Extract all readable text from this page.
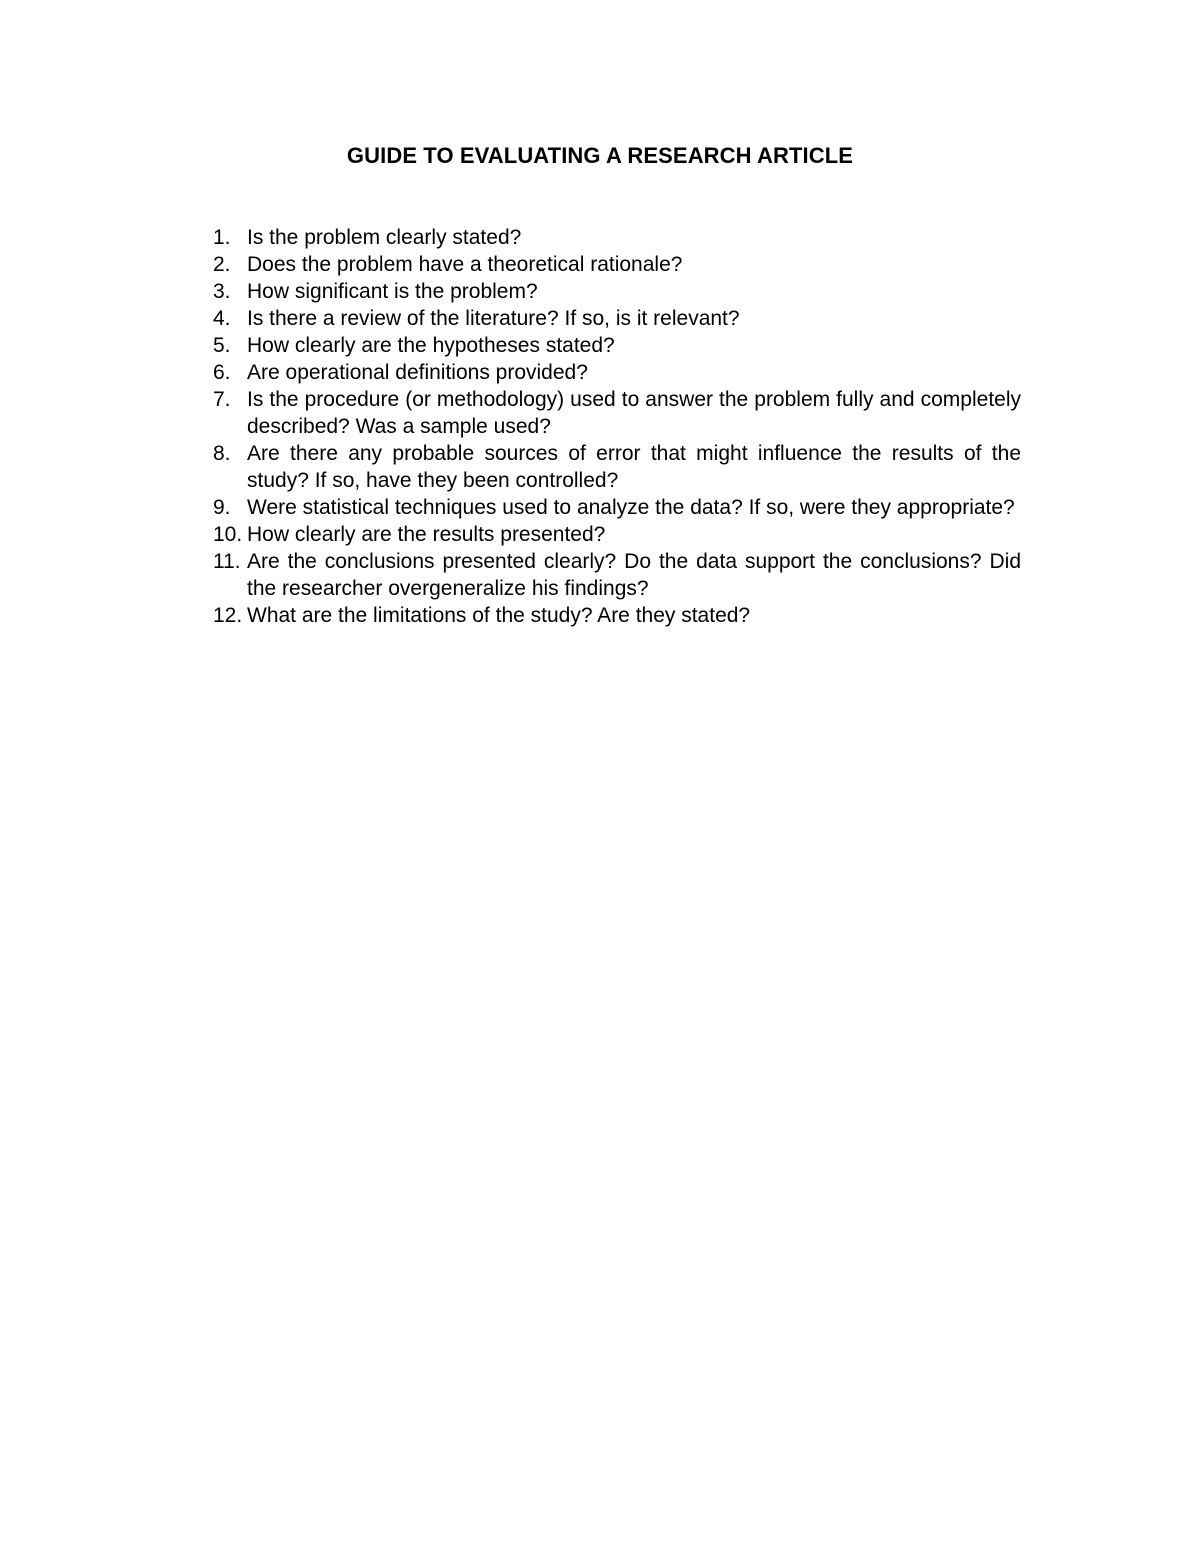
GUIDE TO EVALUATING A RESEARCH ARTICLE
1. Is the problem clearly stated?
2. Does the problem have a theoretical rationale?
3. How significant is the problem?
4. Is there a review of the literature? If so, is it relevant?
5. How clearly are the hypotheses stated?
6. Are operational definitions provided?
7. Is the procedure (or methodology) used to answer the problem fully and completely described? Was a sample used?
8. Are there any probable sources of error that might influence the results of the study? If so, have they been controlled?
9. Were statistical techniques used to analyze the data? If so, were they appropriate?
10. How clearly are the results presented?
11. Are the conclusions presented clearly? Do the data support the conclusions? Did the researcher overgeneralize his findings?
12. What are the limitations of the study? Are they stated?
